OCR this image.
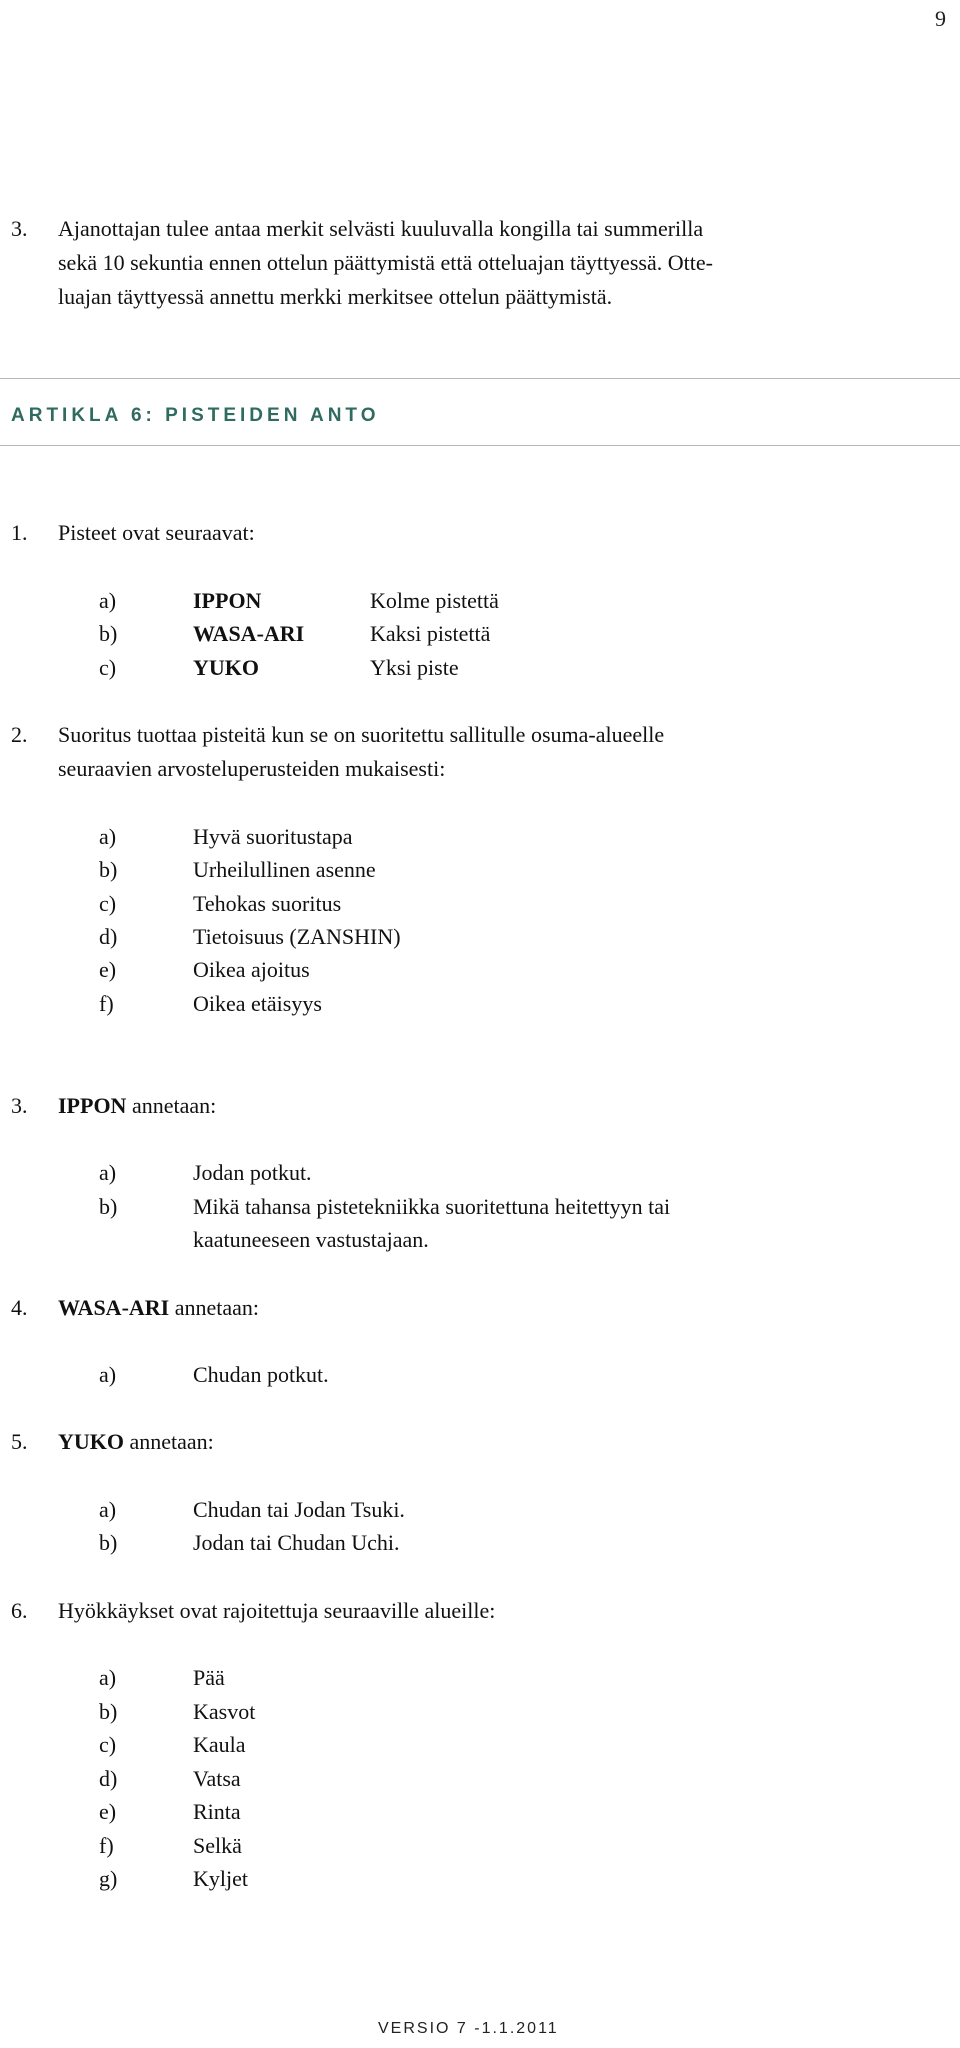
9
3. Ajanottajan tulee antaa merkit selvästi kuuluvalla kongilla tai summerilla
sekä 10 sekuntia ennen ottelun päättymistä että otteluajan täyttyessä. Otte-
luajan täyttyessä annettu merkki merkitsee ottelun päättymistä.
ARTIKLA 6: PISTEIDEN ANTO
1. Pisteet ovat seuraavat:
a)	IPPON	Kolme pistettä
b)	WASA-ARI	Kaksi pistettä
c)	YUKO	Yksi piste
2. Suoritus tuottaa pisteitä kun se on suoritettu sallitulle osuma-alueelle
seuraavien arvosteluperusteiden mukaisesti:
a)	Hyvä suoritustapa
b)	Urheilullinen asenne
c)	Tehokas suoritus
d)	Tietoisuus (ZANSHIN)
e)	Oikea ajoitus
f)	Oikea etäisyys
3. IPPON annetaan:
a)	Jodan potkut.
b)	Mikä tahansa pistetekniikka suoritettuna heitettyyn tai
kaatuneeseen vastustajaan.
4. WASA-ARI annetaan:
a)	Chudan potkut.
5. YUKO annetaan:
a)	Chudan tai Jodan Tsuki.
b)	Jodan tai Chudan Uchi.
6. Hyökkäykset ovat rajoitettuja seuraaville alueille:
a)	Pää
b)	Kasvot
c)	Kaula
d)	Vatsa
e)	Rinta
f)	Selkä
g)	Kyljet
VERSIO 7 -1.1.2011
